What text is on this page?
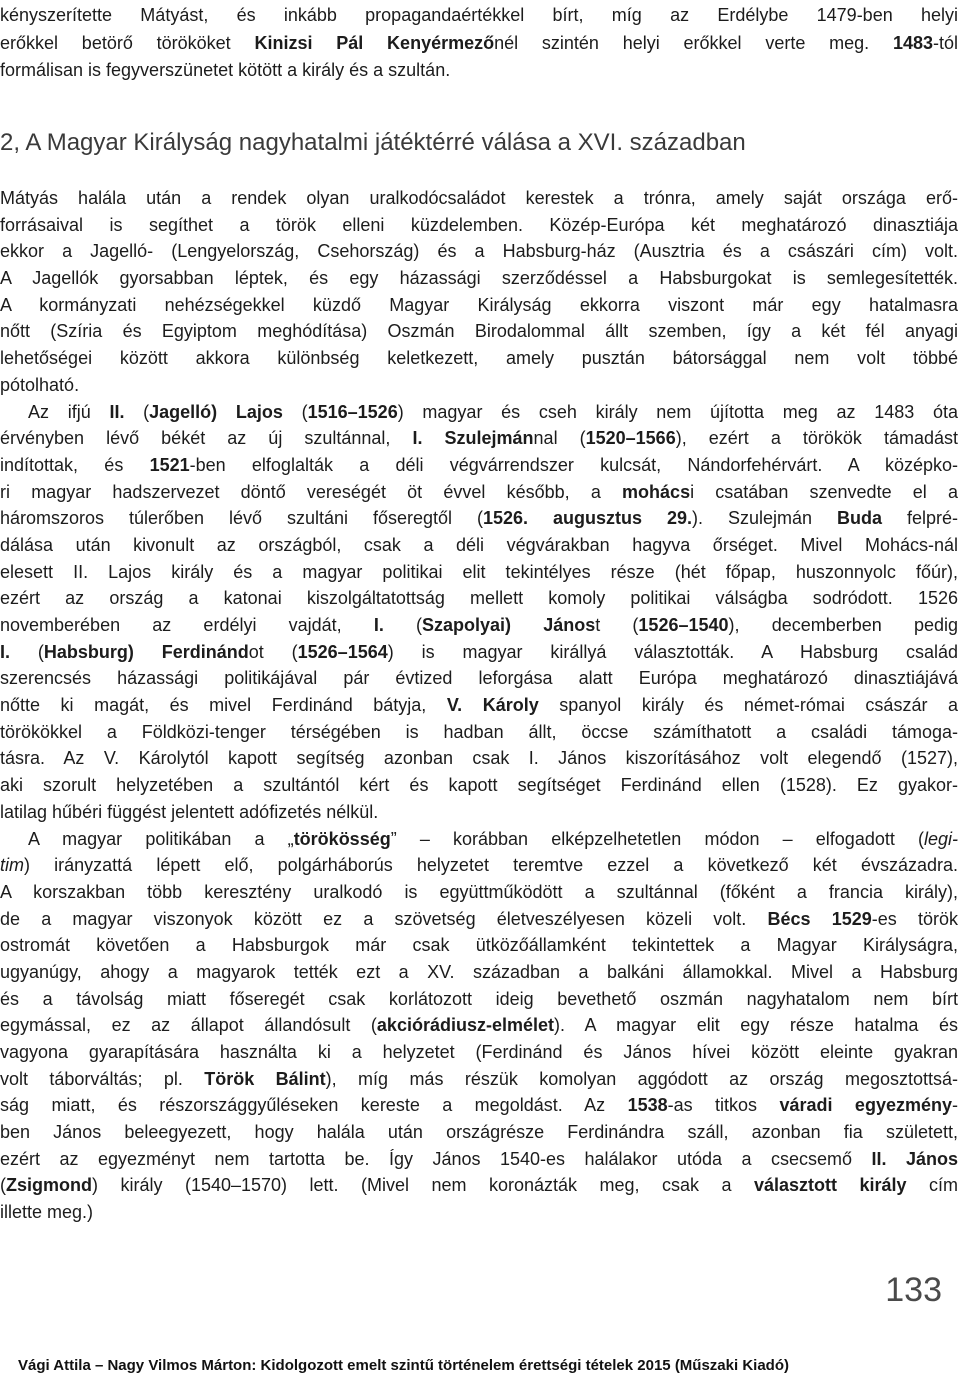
kényszerítette Mátyást, és inkább propagandaértékkel bírt, míg az Erdélybe 1479-ben helyi
erőkkel betörő törököket Kinizsi Pál Kenyérmezőnél szintén helyi erőkkel verte meg. 1483-tól
formálisan is fegyverszünetet kötött a király és a szultán.
2, A Magyar Királyság nagyhatalmi játéktérré válása a XVI. században
Mátyás halála után a rendek olyan uralkodócsaládot kerestek a trónra, amely saját országa erő-
forrásaival is segíthet a török elleni küzdelemben. Közép-Európa két meghatározó dinasztiája
ekkor a Jagelló- (Lengyelország, Csehország) és a Habsburg-ház (Ausztria és a császári cím) volt.
A Jagellók gyorsabban léptek, és egy házassági szerződéssel a Habsburgokat is semlegesítették.
A kormányzati nehézségekkel küzdő Magyar Királyság ekkorra viszont már egy hatalmasra
nőtt (Szíria és Egyiptom meghódítása) Oszmán Birodalommal állt szemben, így a két fél anyagi
lehetőségei között akkora különbség keletkezett, amely pusztán bátorsággal nem volt többé
pótolható.
Az ifjú II. (Jagelló) Lajos (1516–1526) magyar és cseh király nem újította meg az 1483 óta
érvényben lévő békét az új szultánnal, I. Szulejmánnal (1520–1566), ezért a törökök támadást
indítottak, és 1521-ben elfoglalták a déli végvárrendszer kulcsát, Nándorfehérvárt. A középko-
ri magyar hadszervezet döntő vereségét öt évvel később, a mohácsi csatában szenvedte el a
háromszoros túlerőben lévő szultáni főseregtől (1526. augusztus 29.). Szulejmán Buda felpré-
dálása után kivonult az országból, csak a déli végvárakban hagyva őrséget. Mivel Mohács-nál
elesett II. Lajos király és a magyar politikai elit tekintélyes része (hét főpap, huszonnyolc főúr),
ezért az ország a katonai kiszolgáltatottság mellett komoly politikai válságba sodródott. 1526
novemberében az erdélyi vajdát, I. (Szapolyai) Jánost (1526–1540), decemberben pedig
I. (Habsburg) Ferdinándot (1526–1564) is magyar királlyá választották. A Habsburg család
szerencsés házassági politikájával pár évtized leforgása alatt Európa meghatározó dinasztiájává
nőtte ki magát, és mivel Ferdinánd bátyja, V. Károly spanyol király és német-római császár a
törökökkel a Földközi-tenger térségében is hadban állt, öccse számíthatott a családi támoga-
tásra. Az V. Károlytól kapott segítség azonban csak I. János kiszorításához volt elegendő (1527),
aki szorult helyzetében a szultántól kért és kapott segítséget Ferdinánd ellen (1528). Ez gyakor-
latilag hűbéri függést jelentett adófizetés nélkül.
A magyar politikában a „törökösség” – korábban elképzelhetetlen módon – elfogadott (legi-
tim) irányzattá lépett elő, polgárháborús helyzetet teremtve ezzel a következő két évszázadra.
A korszakban több keresztény uralkodó is együttműködött a szultánnal (főként a francia király),
de a magyar viszonyok között ez a szövetség életveszélyesen közeli volt. Bécs 1529-es török
ostromát követően a Habsburgok már csak ütközőállamként tekintettek a Magyar Királyságra,
ugyanúgy, ahogy a magyarok tették ezt a XV. században a balkáni államokkal. Mivel a Habsburg
és a távolság miatt főseregét csak korlátozott ideig bevethető oszmán nagyhatalom nem bírt
egymással, ez az állapot állandósult (akciórádiusz-elmélet). A magyar elit egy része hatalma és
vagyona gyarapítására használta ki a helyzetet (Ferdinánd és János hívei között eleinte gyakran
volt táborváltás; pl. Török Bálint), míg más részük komolyan aggódott az ország megosztottsá-
ság miatt, és részországgyűléseken kereste a megoldást. Az 1538-as titkos váradi egyezmény-
ben János beleegyezett, hogy halála után országrésze Ferdinándra száll, azonban fia született,
ezért az egyezményt nem tartotta be. Így János 1540-es halálakor utóda a csecsemő II. János
(Zsigmond) király (1540–1570) lett. (Mivel nem koronázták meg, csak a választott király cím
illette meg.)
133
Vági Attila – Nagy Vilmos Márton: Kidolgozott emelt szintű történelem érettségi tételek 2015 (Műszaki Kiadó)
